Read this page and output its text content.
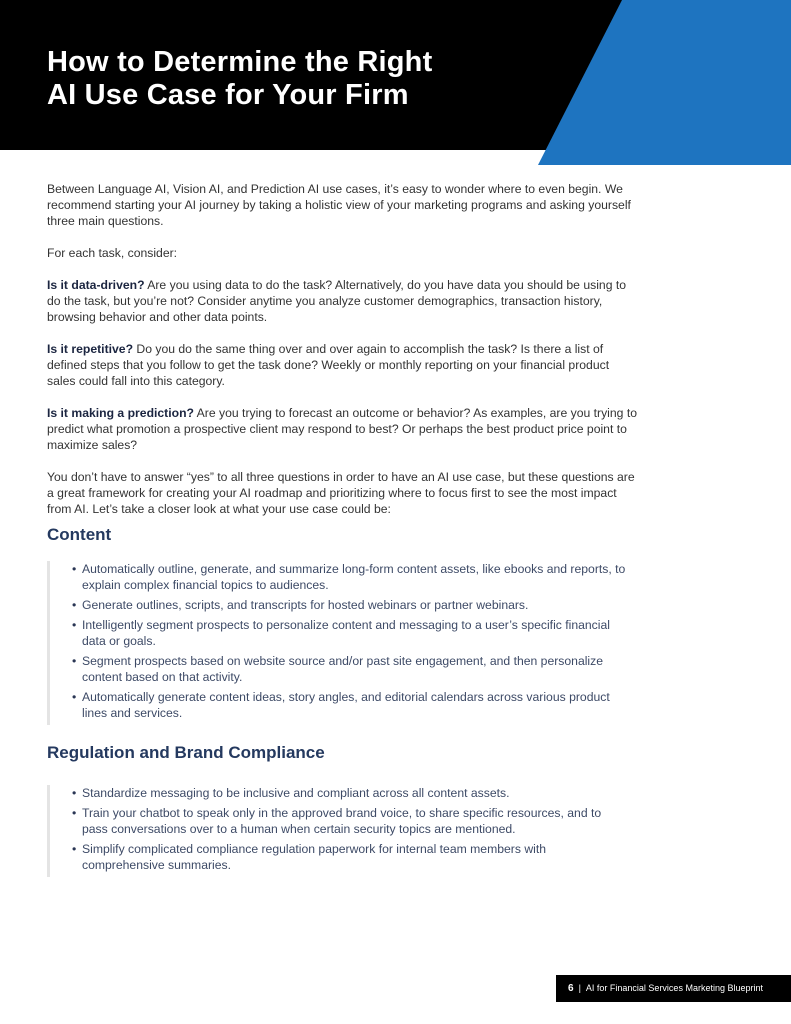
How to Determine the Right
AI Use Case for Your Firm

Between Language AI, Vision AI, and Prediction AI use cases, it’s easy to wonder where to even begin. We recommend starting your AI journey by taking a holistic view of your marketing programs and asking yourself three main questions.

For each task, consider:

Is it data-driven? Are you using data to do the task? Alternatively, do you have data you should be using to do the task, but you’re not? Consider anytime you analyze customer demographics, transaction history, browsing behavior and other data points.

Is it repetitive? Do you do the same thing over and over again to accomplish the task? Is there a list of defined steps that you follow to get the task done? Weekly or monthly reporting on your financial product sales could fall into this category.

Is it making a prediction? Are you trying to forecast an outcome or behavior? As examples, are you trying to predict what promotion a prospective client may respond to best? Or perhaps the best product price point to maximize sales?

You don’t have to answer “yes” to all three questions in order to have an AI use case, but these questions are a great framework for creating your AI roadmap and prioritizing where to focus first to see the most impact from AI. Let’s take a closer look at what your use case could be:

Content
• Automatically outline, generate, and summarize long-form content assets, like ebooks and reports, to explain complex financial topics to audiences.
• Generate outlines, scripts, and transcripts for hosted webinars or partner webinars.
• Intelligently segment prospects to personalize content and messaging to a user’s specific financial data or goals.
• Segment prospects based on website source and/or past site engagement, and then personalize content based on that activity.
• Automatically generate content ideas, story angles, and editorial calendars across various product lines and services.
Regulation and Brand Compliance
• Standardize messaging to be inclusive and compliant across all content assets.
• Train your chatbot to speak only in the approved brand voice, to share specific resources, and to pass conversations over to a human when certain security topics are mentioned.
• Simplify complicated compliance regulation paperwork for internal team members with comprehensive summaries.
6 | AI for Financial Services Marketing Blueprint
